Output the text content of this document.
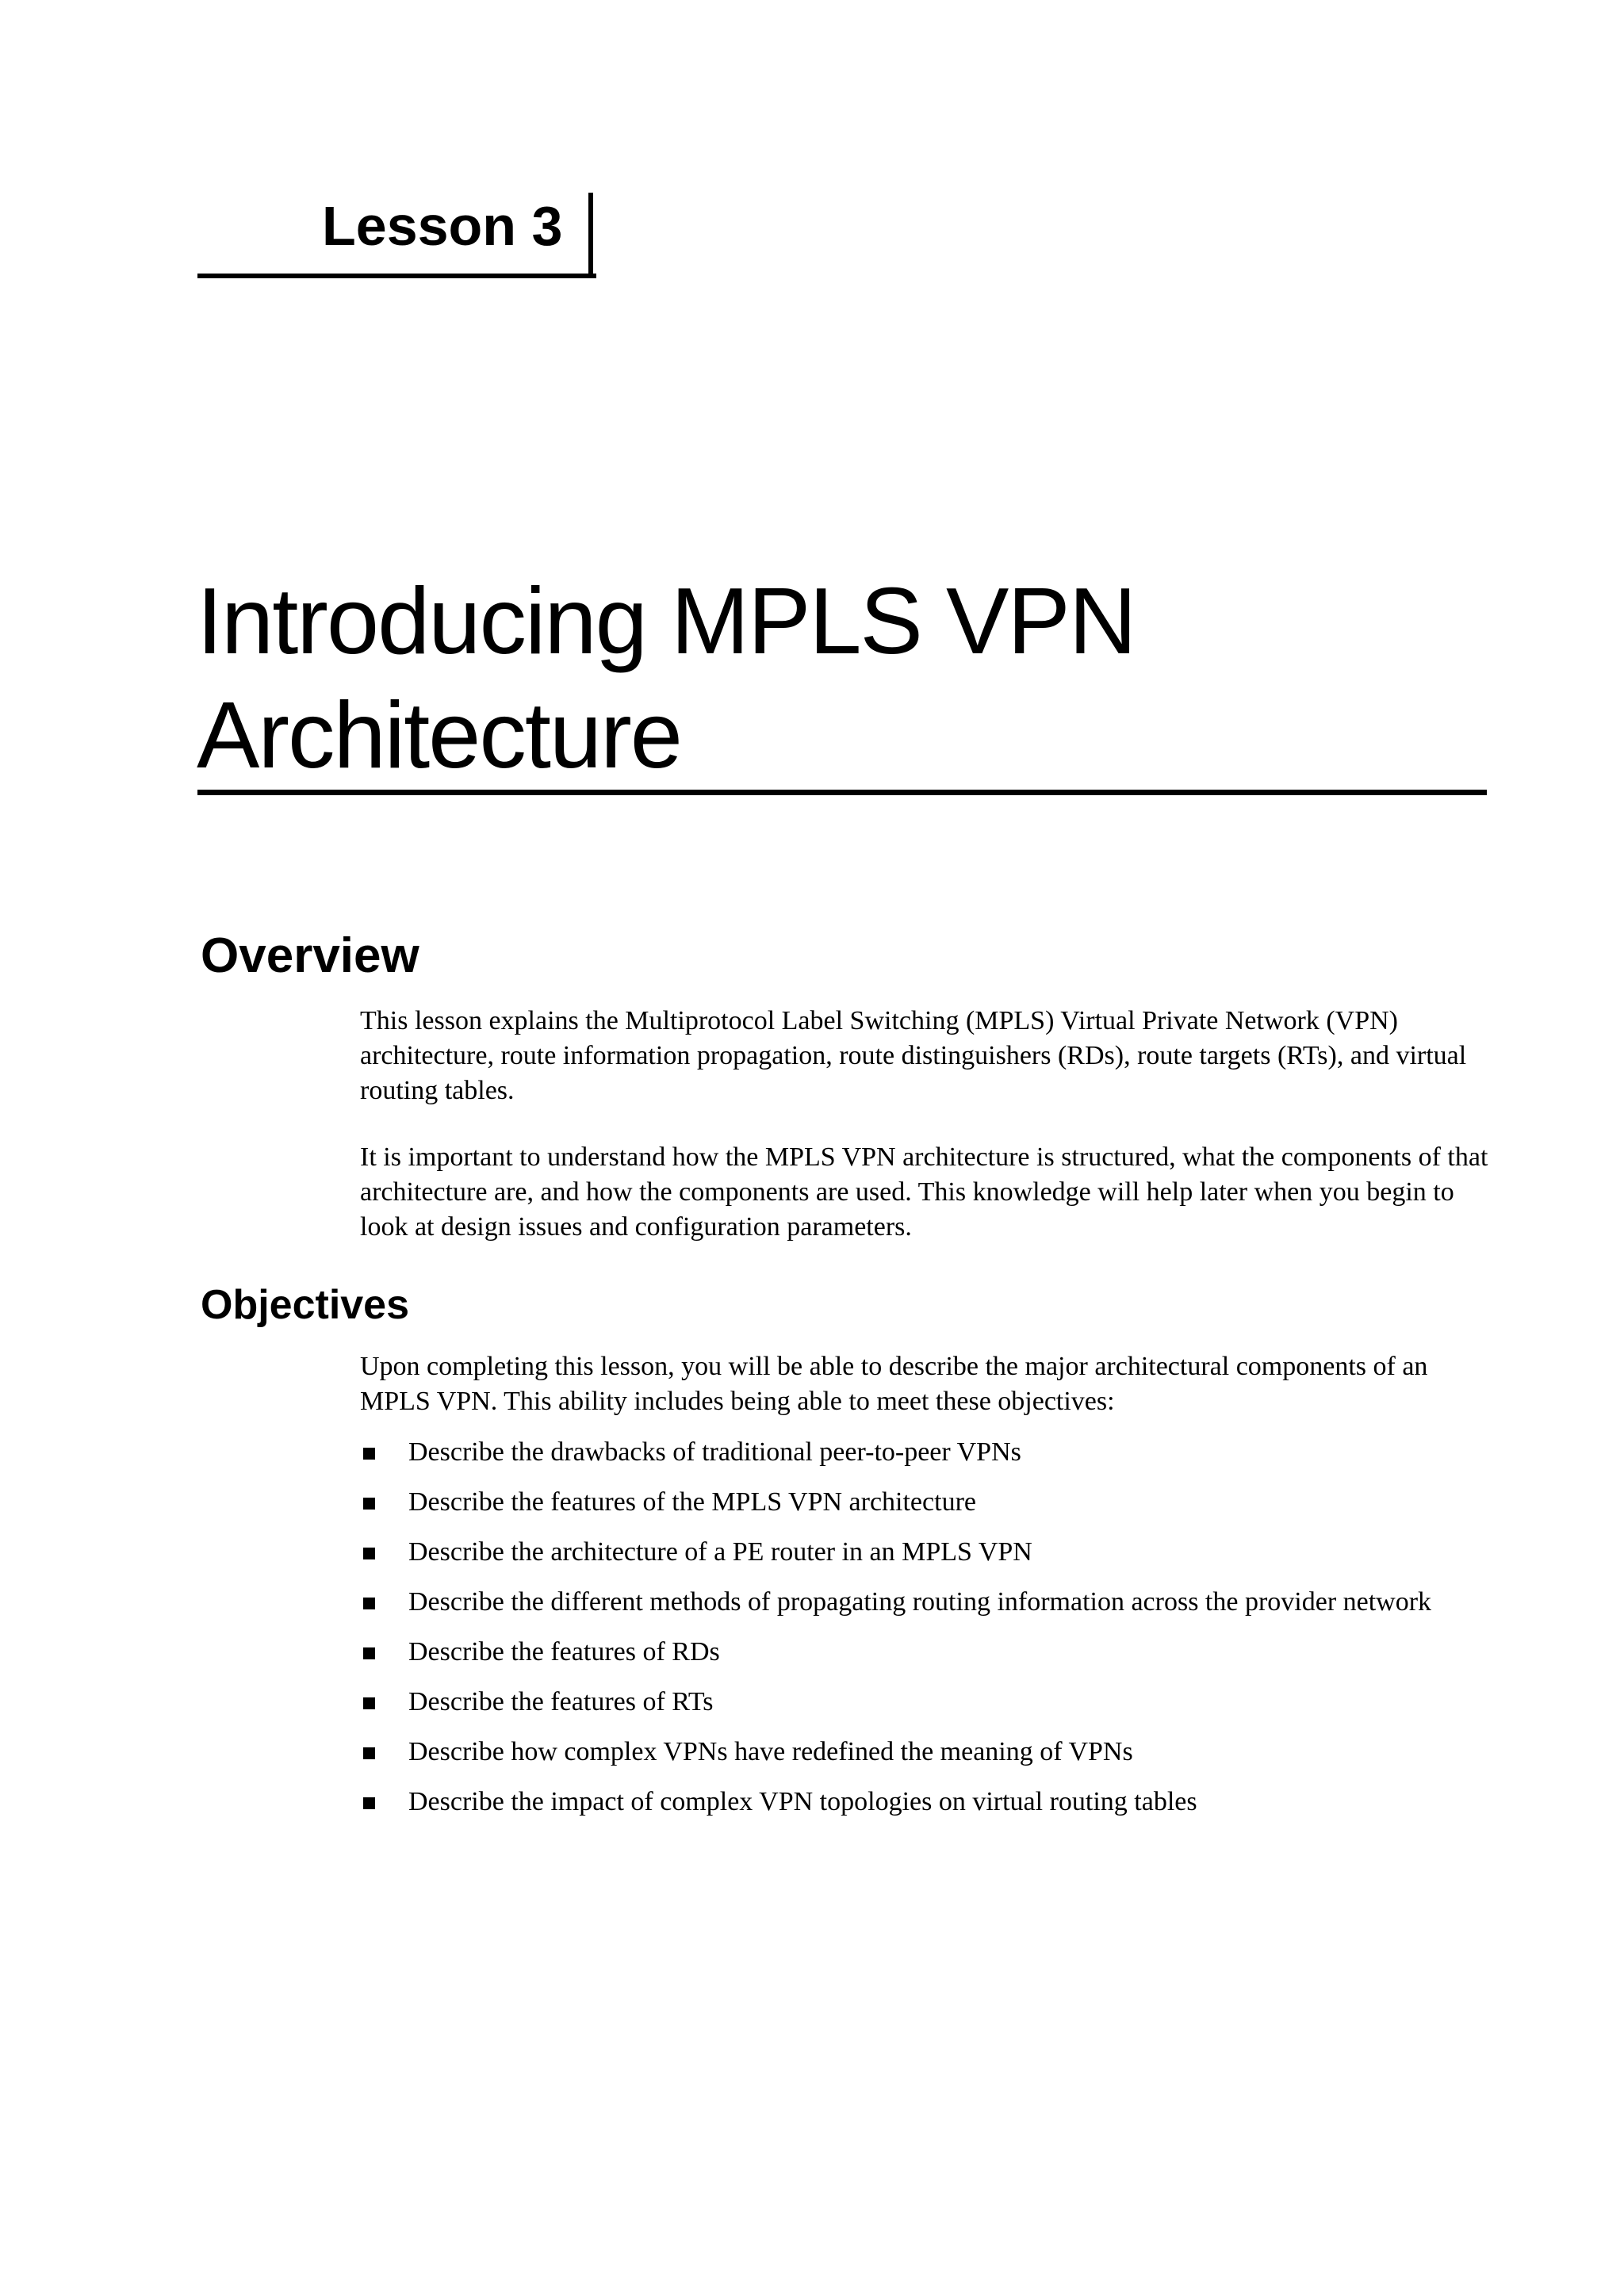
Lesson 3
Introducing MPLS VPN
Architecture
Overview

This lesson explains the Multiprotocol Label Switching (MPLS) Virtual Private Network (VPN) architecture, route information propagation, route distinguishers (RDs), route targets (RTs), and virtual routing tables.

It is important to understand how the MPLS VPN architecture is structured, what the components of that architecture are, and how the components are used. This knowledge will help later when you begin to look at design issues and configuration parameters.

Objectives

Upon completing this lesson, you will be able to describe the major architectural components of an MPLS VPN. This ability includes being able to meet these objectives:

Describe the drawbacks of traditional peer-to-peer VPNs
Describe the features of the MPLS VPN architecture
Describe the architecture of a PE router in an MPLS VPN
Describe the different methods of propagating routing information across the provider network
Describe the features of RDs
Describe the features of RTs
Describe how complex VPNs have redefined the meaning of VPNs
Describe the impact of complex VPN topologies on virtual routing tables
